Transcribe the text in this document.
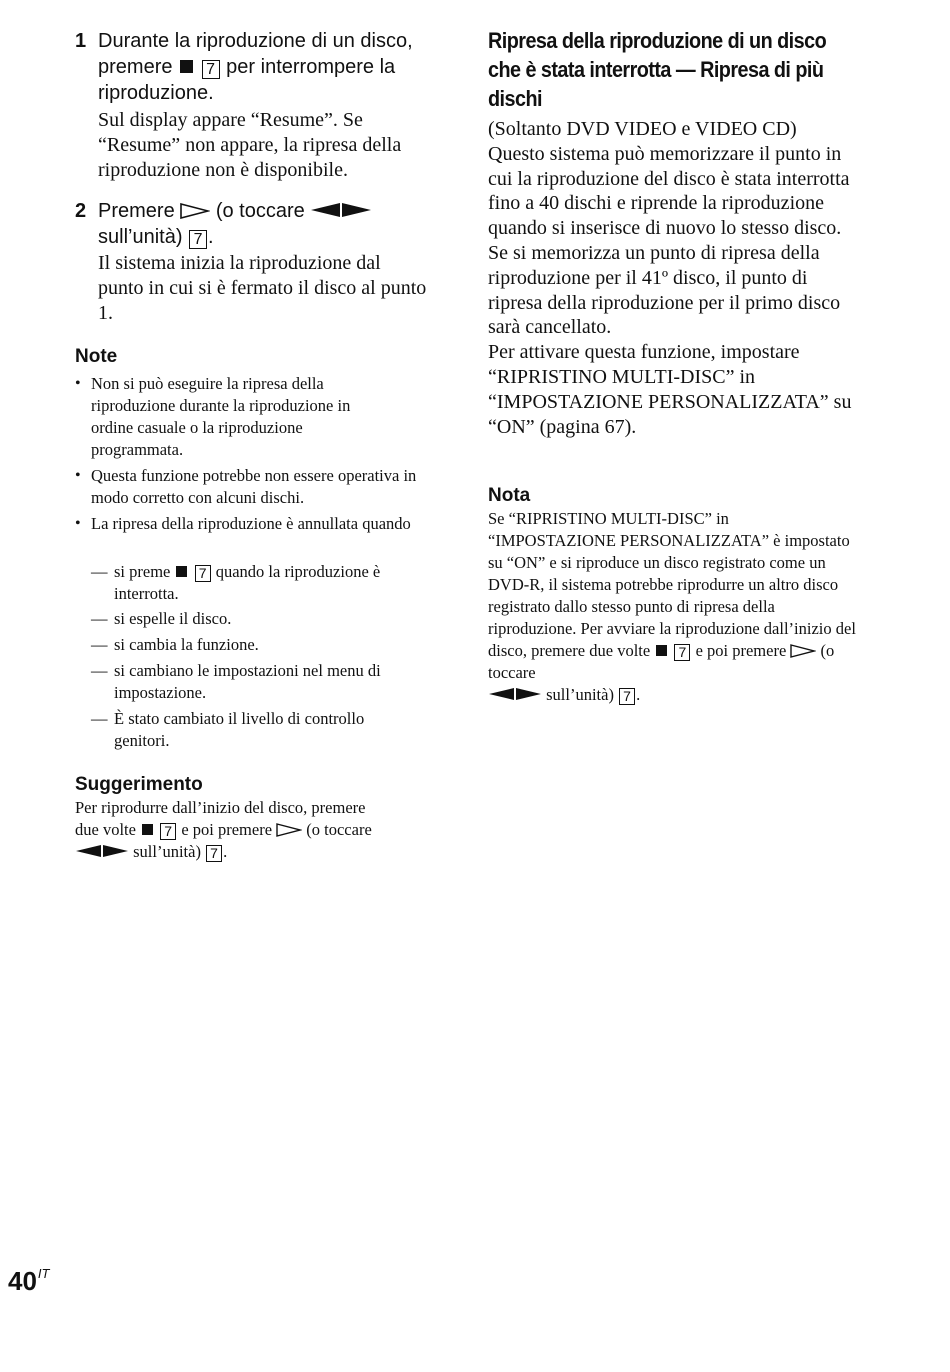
1 Durante la riproduzione di un disco,
premere 7 per interrompere la
riproduzione.
Sul display appare “Resume”. Se “Resume” non appare, la ripresa della riproduzione non è disponibile.
2 Premere (o toccare
sull’unità) 7 .
Il sistema inizia la riproduzione dal punto in cui si è fermato il disco al punto 1.
Note
• Non si può eseguire la ripresa della riproduzione durante la riproduzione in ordine casuale o la riproduzione programmata.
• Questa funzione potrebbe non essere operativa in modo corretto con alcuni dischi.
• La ripresa della riproduzione è annullata quando
— si preme 7 quando la riproduzione è interrotta.
— si espelle il disco.
— si cambia la funzione.
— si cambiano le impostazioni nel menu di impostazione.
— È stato cambiato il livello di controllo genitori.
Suggerimento
Per riprodurre dall’inizio del disco, premere
due volte 7 e poi premere (o toccare
sull’unità) 7 .
Ripresa della riproduzione di un disco che è stata interrotta — Ripresa di più dischi
(Soltanto DVD VIDEO e VIDEO CD) Questo sistema può memorizzare il punto in cui la riproduzione del disco è stata interrotta fino a 40 dischi e riprende la riproduzione quando si inserisce di nuovo lo stesso disco. Se si memorizza un punto di ripresa della riproduzione per il 41º disco, il punto di ripresa della riproduzione per il primo disco sarà cancellato.
Per attivare questa funzione, impostare “RIPRISTINO MULTI-DISC” in “IMPOSTAZIONE PERSONALIZZATA” su “ON” (pagina 67).
Nota
Se “RIPRISTINO MULTI-DISC” in “IMPOSTAZIONE PERSONALIZZATA” è impostato su “ON” e si riproduce un disco registrato come un DVD-R, il sistema potrebbe riprodurre un altro disco registrato dallo stesso punto di ripresa della riproduzione. Per avviare la riproduzione dall’inizio del disco, premere due volte 7 e poi premere (o toccare
sull’unità) 7 .
$40^{IT}$
